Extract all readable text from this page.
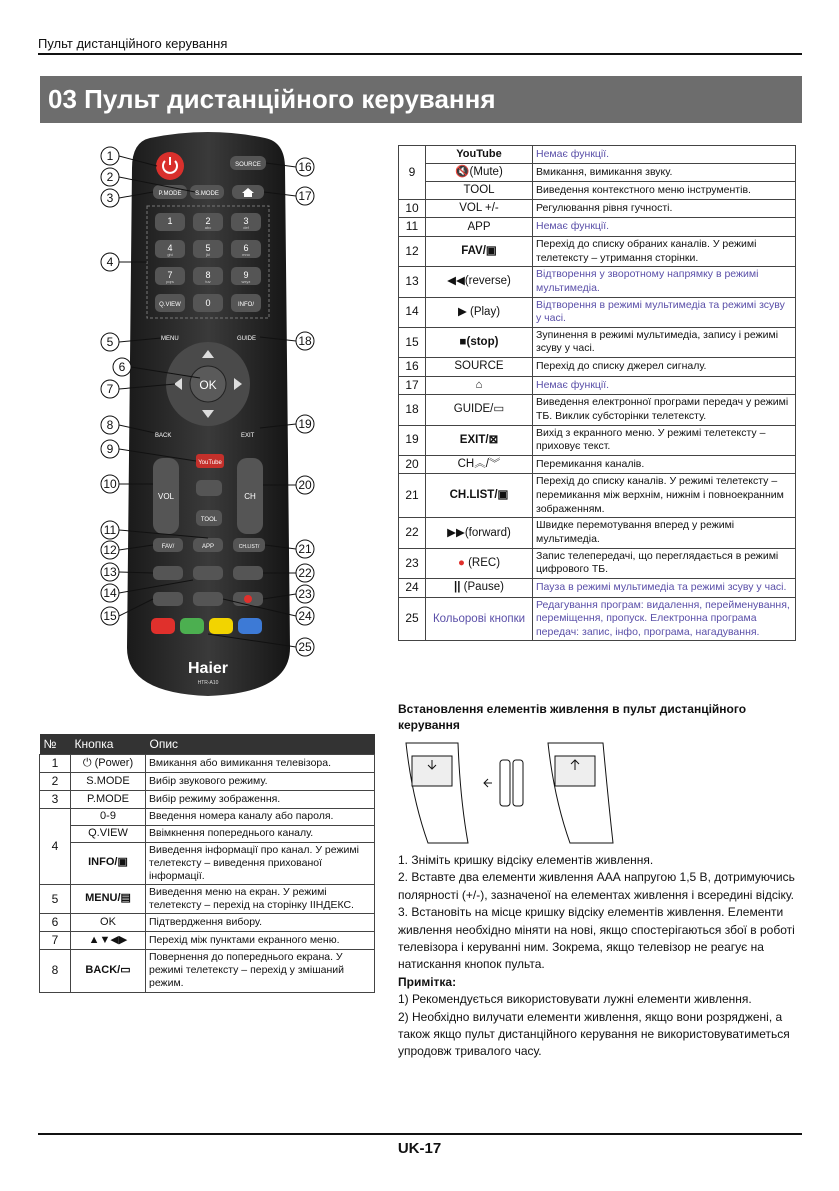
Пульт дистанційного керування
03 Пульт дистанційного керування
SOURCE
P.MODE S.MODE
1	2	3
4	5	6
7	8	9
Q.VIEW	0	INFO/
abc	def
ghi	jkl	mno
pqrs	tuv	wxyz
MENU	GUIDE
OK
BACK	EXIT
YouTube
VOL	CH
TOOL
FAV/	APP	CH.LIST/
Haier
HTR-A10
1
2
3
4
5
6
7
8
9
10
11
12
13
14
15
16
17
18
19
20
21
22
23
24
25
№	Кнопка	Опис
1	⏻ (Power)	Вмикання або вимикання телевізора.
2	S.MODE	Вибір звукового режиму.
3	P.MODE	Вибір режиму зображення.
4	0-9	Введення номера каналу або пароля.
	Q.VIEW	Ввімкнення попереднього каналу.
	INFO/▣	Виведення інформації про канал. У режимі телетексту – виведення прихованої інформації.
5	MENU/▤	Виведення меню на екран. У режимі телетексту – перехід на сторінку ІІНДЕКС.
6	OK	Підтвердження вибору.
7	▲▼◀▶	Перехід між пунктами екранного меню.
8	BACK/▭	Повернення до попереднього екрана. У режимі телетексту – перехід у змішаний режим.
9	YouTube	Немає функції.
	🔇(Mute)	Вмикання, вимикання звуку.
	TOOL	Виведення контекстного меню інструментів.
10	VOL +/-	Регулювання рівня гучності.
11	APP	Немає функції.
12	FAV/▣	Перехід до списку обраних каналів. У режимі телетексту – утримання сторінки.
13	◀◀(reverse)	Відтворення у зворотному напрямку в режимі мультимедіа.
14	▶ (Play)	Відтворення в режимі мультимедіа та режимі зсуву у часі.
15	■(stop)	Зупинення в режимі мультимедіа, запису і режимі зсуву у часі.
16	SOURCE	Перехід до списку джерел сигналу.
17	⌂	Немає функції.
18	GUIDE/▭	Виведення електронної програми передач у режимі ТБ. Виклик субсторінки телетексту.
19	EXIT/⊠	Вихід з екранного меню. У режимі телетексту – приховує текст.
20	CH︽/︾	Перемикання каналів.
21	CH.LIST/▣	Перехід до списку каналів. У режимі телетексту – перемикання між верхнім, нижнім і повноекранним зображенням.
22	▶▶(forward)	Швидке перемотування вперед у режимі мультимедіа.
23	● (REC)	Запис телепередачі, що переглядається в режимі цифрового ТБ.
24	|| (Pause)	Пауза в режимі мультимедіа та режимі зсуву у часі.
25	Кольорові кнопки	Редагування програм: видалення, перейменування, переміщення, пропуск. Електронна програма передач: запис, інфо, програма, нагадування.
Встановлення елементів живлення в пульт дистанційного керування

1. Зніміть кришку відсіку елементів живлення.

2. Вставте два елементи живлення ААА напругою 1,5 В, дотримуючись полярності (+/-), зазначеної на елементах живлення і всередині відсіку.

3. Встановіть на місце кришку відсіку елементів живлення. Елементи живлення необхідно міняти на нові, якщо спостерігаються збої в роботі телевізора і керуванні ним. Зокрема, якщо телевізор не реагує на натискання кнопок пульта.

Примітка:

1) Рекомендується використовувати лужні елементи живлення.

2) Необхідно вилучати елементи живлення, якщо вони розряджені, а також якщо пульт дистанційного керування не використовуватиметься упродовж тривалого часу.

UK-17
